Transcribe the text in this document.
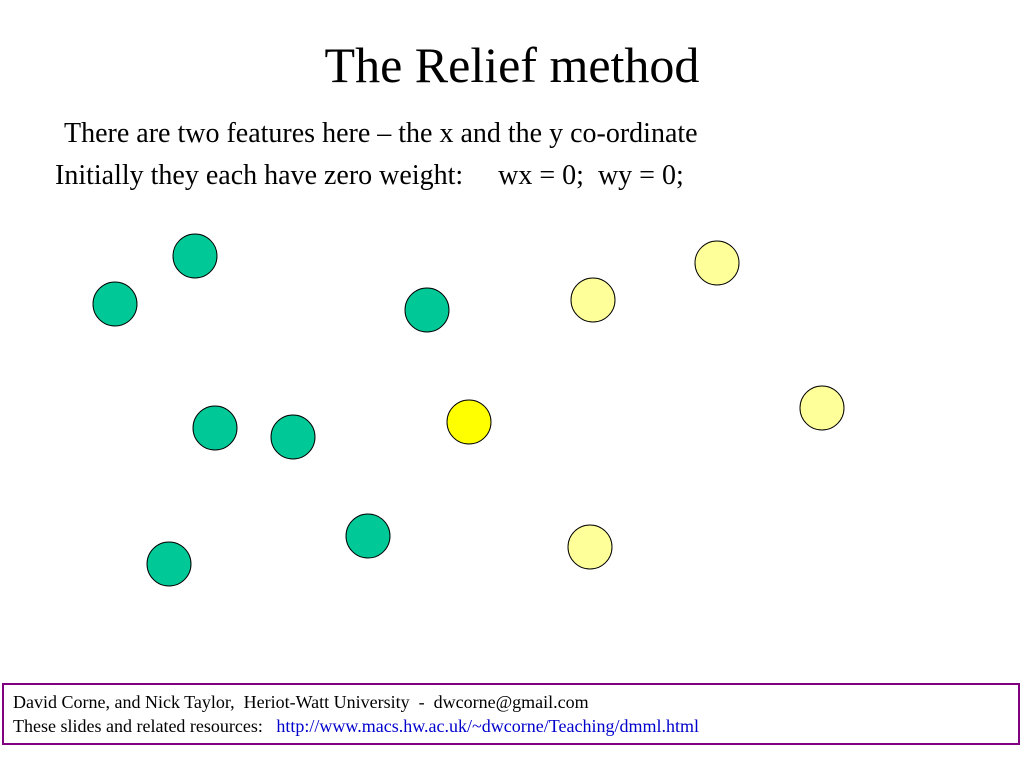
The Relief method
There are two features here – the x and the y co-ordinate
Initially they each have zero weight: wx = 0;  wy = 0;
David Corne, and Nick Taylor,  Heriot-Watt University  -  dwcorne@gmail.com
These slides and related resources: http://www.macs.hw.ac.uk/~dwcorne/Teaching/dmml.html
